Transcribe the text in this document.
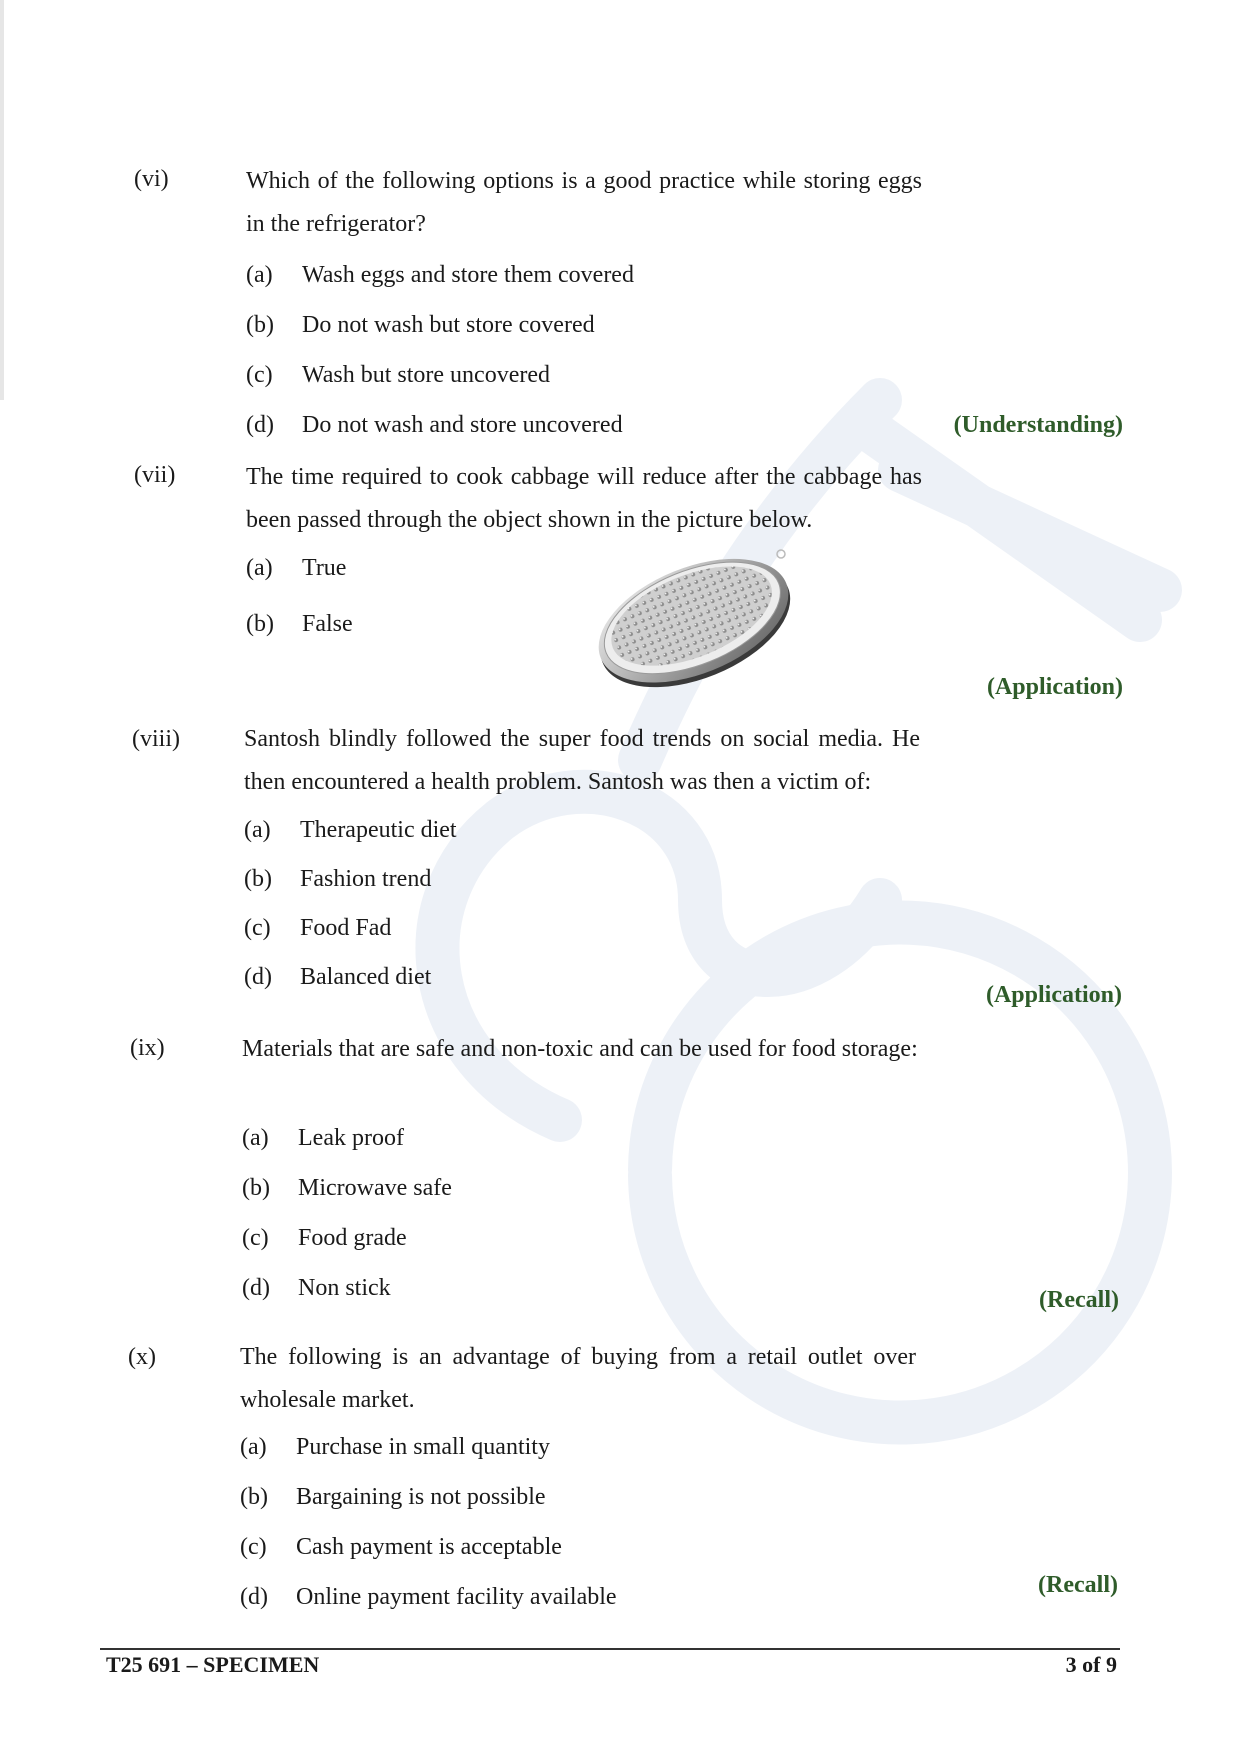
(vi)	Which of the following options is a good practice while storing eggs in the refrigerator?
(a) Wash eggs and store them covered
(b) Do not wash but store covered
(c) Wash but store uncovered
(d) Do not wash and store uncovered	(Understanding)
(vii)	The time required to cook cabbage will reduce after the cabbage has been passed through the object shown in the picture below.
(a) True
(b) False
(Application)
(viii)	Santosh blindly followed the super food trends on social media. He then encountered a health problem. Santosh was then a victim of:
(a) Therapeutic diet
(b) Fashion trend
(c) Food Fad
(d) Balanced diet
(Application)
(ix)	Materials that are safe and non-toxic and can be used for food storage:
(a) Leak proof
(b) Microwave safe
(c) Food grade
(d) Non stick	(Recall)
(x)	The following is an advantage of buying from a retail outlet over wholesale market.
(a) Purchase in small quantity
(b) Bargaining is not possible
(c) Cash payment is acceptable
(d) Online payment facility available	(Recall)
T25 691 – SPECIMEN	3 of 9
